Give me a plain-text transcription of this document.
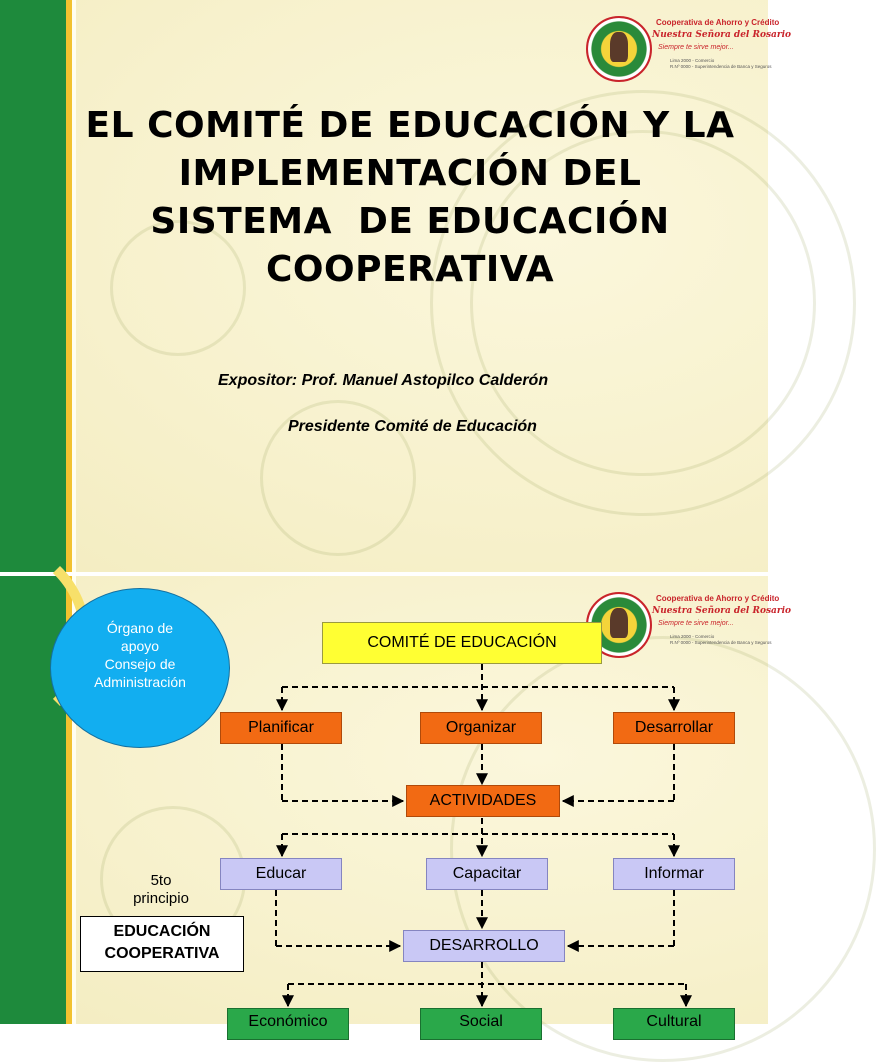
Cooperativa de Ahorro y Crédito
Nuestra Señora del Rosario
Siempre te sirve mejor...
Lima 2000 - Comercio
R.Nº 0000 - Superintendencia de Banca y Seguros
EL COMITÉ DE EDUCACIÓN Y LA
IMPLEMENTACIÓN DEL
SISTEMA  DE EDUCACIÓN
COOPERATIVA
Expositor: Prof. Manuel Astopilco Calderón
Presidente Comité de Educación
Cooperativa de Ahorro y Crédito
Nuestra Señora del Rosario
Siempre te sirve mejor...
Lima 2000 - Comercio
R.Nº 0000 - Superintendencia de Banca y Seguros
Órgano de
apoyo
Consejo de
Administración
COMITÉ DE EDUCACIÓN
Planificar	Organizar	Desarrollar
ACTIVIDADES
Educar	Capacitar	Informar
5to
principio
EDUCACIÓN
COOPERATIVA	DESARROLLO
Económico	Social	Cultural
